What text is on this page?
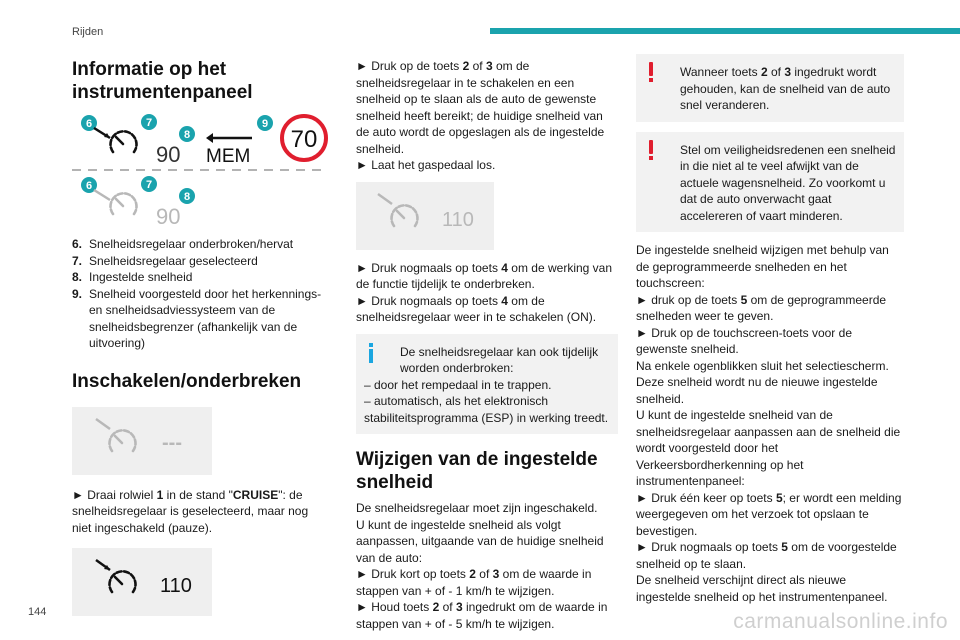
Rijden
Informatie op het instrumentenpaneel
6	7
8
90 MEM
9
70
6	7
8
90
6. Snelheidsregelaar onderbroken/hervat
7. Snelheidsregelaar geselecteerd
8. Ingestelde snelheid
9. Snelheid voorgesteld door het herkennings- en snelheidsadviessysteem van de snelheidsbegrenzer (afhankelijk van de uitvoering)
Inschakelen/onderbreken
---

► Draai rolwiel 1 in de stand "CRUISE": de snelheidsregelaar is geselecteerd, maar nog niet ingeschakeld (pauze).

110

► Druk op de toets 2 of 3 om de snelheidsregelaar in te schakelen en een snelheid op te slaan als de auto de gewenste snelheid heeft bereikt; de huidige snelheid van de auto wordt de opgeslagen als de ingestelde snelheid.

► Laat het gaspedaal los.

110

► Druk nogmaals op toets 4 om de werking van de functie tijdelijk te onderbreken.

► Druk nogmaals op toets 4 om de snelheidsregelaar weer in te schakelen (ON).

De snelheidsregelaar kan ook tijdelijk worden onderbroken:

– door het rempedaal in te trappen.

– automatisch, als het elektronisch stabiliteitsprogramma (ESP) in werking treedt.

Wijzigen van de ingestelde snelheid

De snelheidsregelaar moet zijn ingeschakeld.

U kunt de ingestelde snelheid als volgt aanpassen, uitgaande van de huidige snelheid van de auto:

► Druk kort op toets 2 of 3 om de waarde in stappen van + of - 1 km/h te wijzigen.

► Houd toets 2 of 3 ingedrukt om de waarde in stappen van + of - 5 km/h te wijzigen.

Wanneer toets 2 of 3 ingedrukt wordt gehouden, kan de snelheid van de auto snel veranderen.

Stel om veiligheidsredenen een snelheid in die niet al te veel afwijkt van de actuele wagensnelheid. Zo voorkomt u dat de auto onverwacht gaat accelereren of vaart minderen.

De ingestelde snelheid wijzigen met behulp van de geprogrammeerde snelheden en het touchscreen:

► druk op de toets 5 om de geprogrammeerde snelheden weer te geven.

► Druk op de touchscreen-toets voor de gewenste snelheid.

Na enkele ogenblikken sluit het selectiescherm.

Deze snelheid wordt nu de nieuwe ingestelde snelheid.

U kunt de ingestelde snelheid van de snelheidsregelaar aanpassen aan de snelheid die wordt voorgesteld door het Verkeersbordherkenning op het instrumentenpaneel:

► Druk één keer op toets 5; er wordt een melding weergegeven om het verzoek tot opslaan te bevestigen.

► Druk nogmaals op toets 5 om de voorgestelde snelheid op te slaan.

De snelheid verschijnt direct als nieuwe ingestelde snelheid op het instrumentenpaneel.

144	carmanualsonline.info
